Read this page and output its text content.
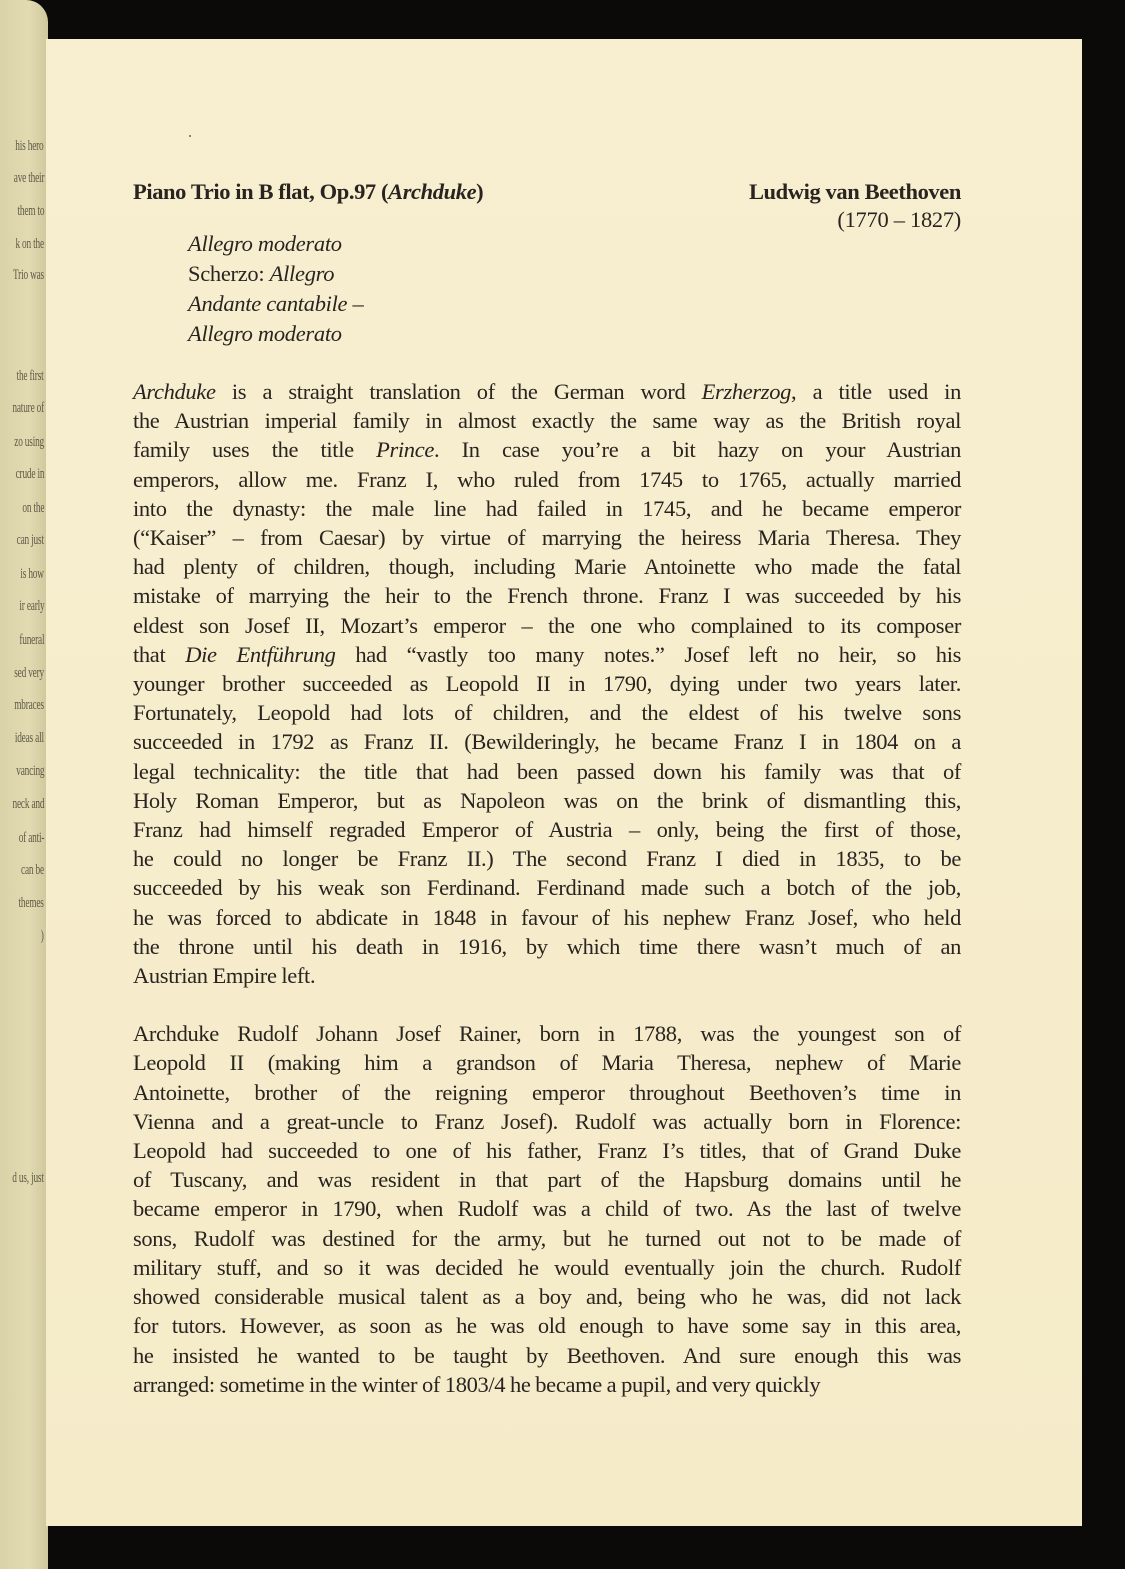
his hero
ave their
them to
k on the
Trio was
the first
nature of
zo using
crude in
on the
can just
is how
ir early
funeral
sed very
mbraces
ideas all
vancing
neck and
of anti-
can be
themes
)
d us, just
Piano Trio in B flat, Op.97 (Archduke)	Ludwig van Beethoven
(1770 – 1827)
Allegro moderato
Scherzo: Allegro
Andante cantabile –
Allegro moderato
Archduke is a straight translation of the German word Erzherzog, a title used in
the Austrian imperial family in almost exactly the same way as the British royal
family uses the title Prince. In case you’re a bit hazy on your Austrian
emperors, allow me. Franz I, who ruled from 1745 to 1765, actually married
into the dynasty: the male line had failed in 1745, and he became emperor
(“Kaiser” – from Caesar) by virtue of marrying the heiress Maria Theresa. They
had plenty of children, though, including Marie Antoinette who made the fatal
mistake of marrying the heir to the French throne. Franz I was succeeded by his
eldest son Josef II, Mozart’s emperor – the one who complained to its composer
that Die Entführung had “vastly too many notes.” Josef left no heir, so his
younger brother succeeded as Leopold II in 1790, dying under two years later.
Fortunately, Leopold had lots of children, and the eldest of his twelve sons
succeeded in 1792 as Franz II. (Bewilderingly, he became Franz I in 1804 on a
legal technicality: the title that had been passed down his family was that of
Holy Roman Emperor, but as Napoleon was on the brink of dismantling this,
Franz had himself regraded Emperor of Austria – only, being the first of those,
he could no longer be Franz II.) The second Franz I died in 1835, to be
succeeded by his weak son Ferdinand. Ferdinand made such a botch of the job,
he was forced to abdicate in 1848 in favour of his nephew Franz Josef, who held
the throne until his death in 1916, by which time there wasn’t much of an
Austrian Empire left.
Archduke Rudolf Johann Josef Rainer, born in 1788, was the youngest son of
Leopold II (making him a grandson of Maria Theresa, nephew of Marie
Antoinette, brother of the reigning emperor throughout Beethoven’s time in
Vienna and a great-uncle to Franz Josef). Rudolf was actually born in Florence:
Leopold had succeeded to one of his father, Franz I’s titles, that of Grand Duke
of Tuscany, and was resident in that part of the Hapsburg domains until he
became emperor in 1790, when Rudolf was a child of two. As the last of twelve
sons, Rudolf was destined for the army, but he turned out not to be made of
military stuff, and so it was decided he would eventually join the church. Rudolf
showed considerable musical talent as a boy and, being who he was, did not lack
for tutors. However, as soon as he was old enough to have some say in this area,
he insisted he wanted to be taught by Beethoven. And sure enough this was
arranged: sometime in the winter of 1803/4 he became a pupil, and very quickly
